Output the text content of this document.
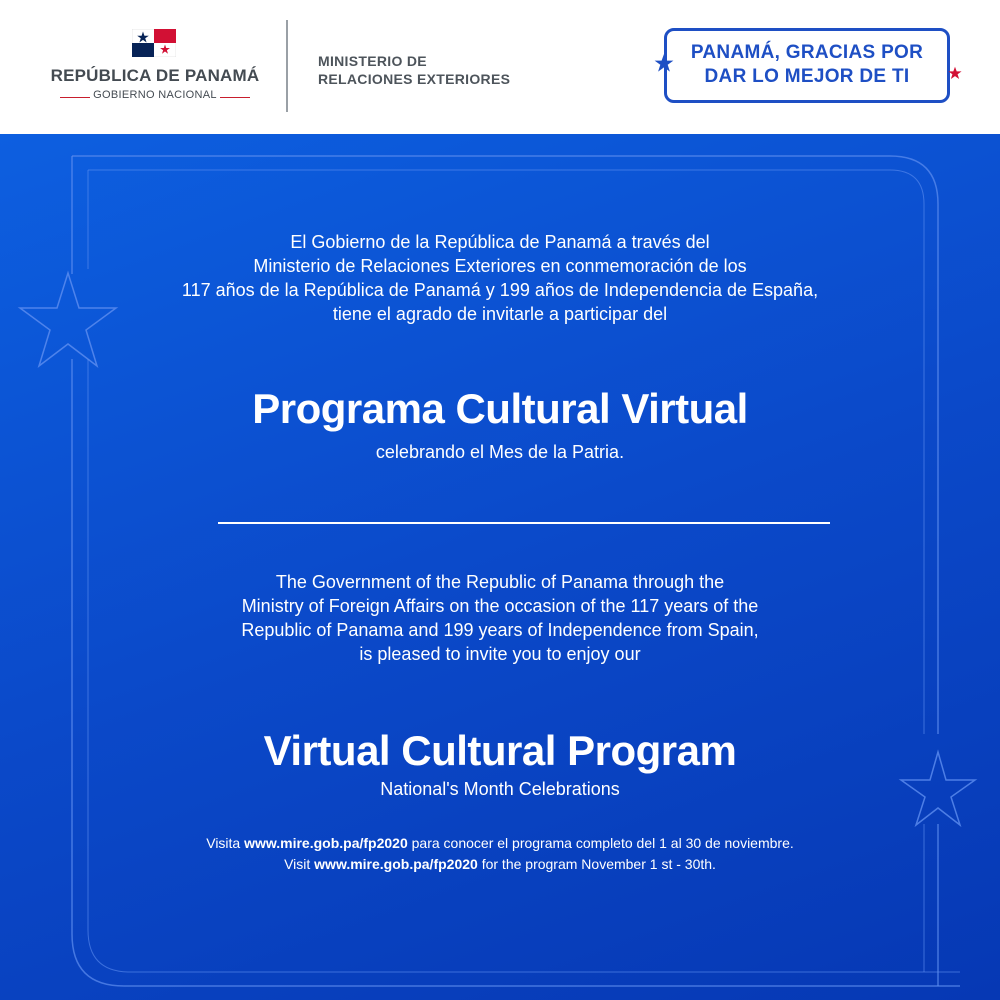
REPÚBLICA DE PANAMÁ
GOBIERNO NACIONAL
MINISTERIO DE
RELACIONES EXTERIORES
PANAMÁ, GRACIAS POR
DAR LO MEJOR DE TI

El Gobierno de la República de Panamá a través del

Ministerio de Relaciones Exteriores en conmemoración de los

117 años de la República de Panamá y 199 años de Independencia de España,

tiene el agrado de invitarle a participar del

Programa Cultural Virtual
celebrando el Mes de la Patria.

The Government of the Republic of Panama through the

Ministry of Foreign Affairs on the occasion of the 117 years of the

Republic of Panama and 199 years of Independence from Spain,

is pleased to invite you to enjoy our

Virtual Cultural Program
National's Month Celebrations
Visita www.mire.gob.pa/fp2020 para conocer el programa completo del 1 al 30 de noviembre.
Visit www.mire.gob.pa/fp2020 for the program November 1 st - 30th.
